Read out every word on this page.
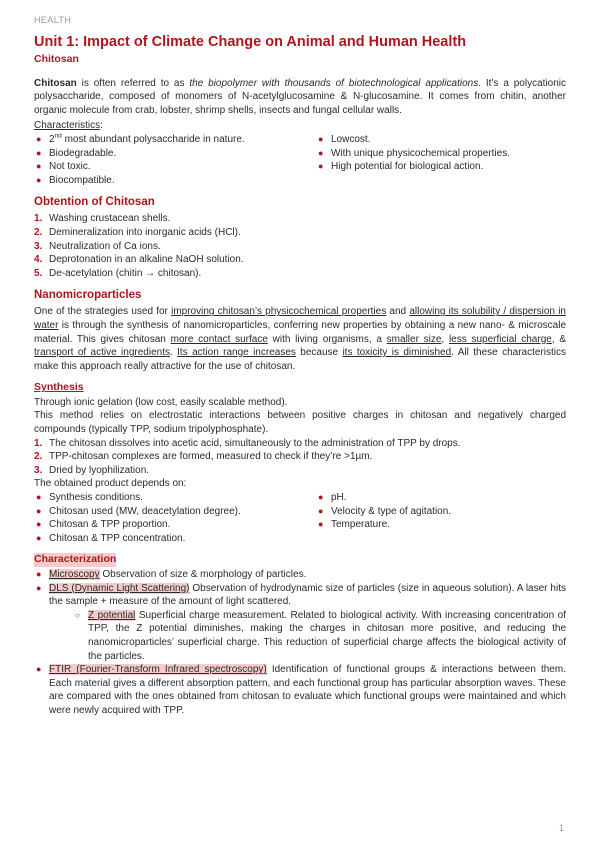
HEALTH
Unit 1: Impact of Climate Change on Animal and Human Health
Chitosan

Chitosan is often referred to as the biopolymer with thousands of biotechnological applications. It’s a polycationic polysaccharide, composed of monomers of N-acetylglucosamine & N-glucosamine. It comes from chitin, another organic molecule from crab, lobster, shrimp shells, insects and fungal cellular walls.

Characteristics:
● 2nd most abundant polysaccharide in nature.
● Biodegradable.
● Not toxic.
● Biocompatible.
● Lowcost.
● With unique physicochemical properties.
● High potential for biological action.
Obtention of Chitosan
1. Washing crustacean shells.
2. Demineralization into inorganic acids (HCl).
3. Neutralization of Ca ions.
4. Deprotonation in an alkaline NaOH solution.
5. De-acetylation (chitin → chitosan).
Nanomicroparticles

One of the strategies used for improving chitosan’s physicochemical properties and allowing its solubility / dispersion in water is through the synthesis of nanomicroparticles, conferring new properties by obtaining a new nano- & microscale material. This gives chitosan more contact surface with living organisms, a smaller size, less superficial charge, & transport of active ingredients. Its action range increases because its toxicity is diminished. All these characteristics make this approach really attractive for the use of chitosan.

Synthesis

Through ionic gelation (low cost, easily scalable method).

This method relies on electrostatic interactions between positive charges in chitosan and negatively charged compounds (typically TPP, sodium tripolyphosphate).

1. The chitosan dissolves into acetic acid, simultaneously to the administration of TPP by drops.
2. TPP-chitosan complexes are formed, measured to check if they’re >1µm.
3. Dried by lyophilization.

The obtained product depends on:

● Synthesis conditions.
● Chitosan used (MW, deacetylation degree).
● Chitosan & TPP proportion.
● Chitosan & TPP concentration.
● pH.
● Velocity & type of agitation.
● Temperature.
Characterization
● Microscopy Observation of size & morphology of particles.

● DLS (Dynamic Light Scattering) Observation of hydrodynamic size of particles (size in aqueous solution). A laser hits the sample + measure of the amount of light scattered.

○ Z potential Superficial charge measurement. Related to biological activity. With increasing concentration of TPP, the Z potential diminishes, making the charges in chitosan more positive, and reducing the nanomicroparticles’ superficial charge. This reduction of superficial charge affects the biological activity of the particles.

● FTIR (Fourier-Transform Infrared spectroscopy) Identification of functional groups & interactions between them. Each material gives a different absorption pattern, and each functional group has particular absorption waves. These are compared with the ones obtained from chitosan to evaluate which functional groups were maintained and which were newly acquired with TPP.

1
